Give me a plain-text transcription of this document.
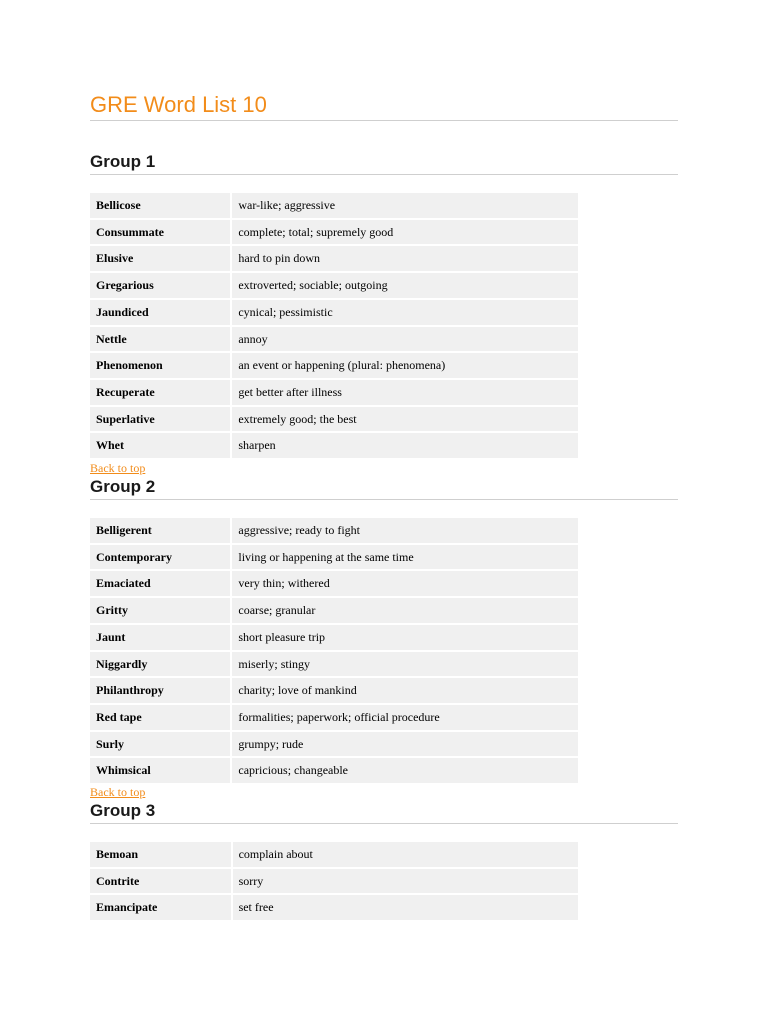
GRE Word List 10
Group 1
Bellicose	war-like; aggressive
Consummate	complete; total; supremely good
Elusive	hard to pin down
Gregarious	extroverted; sociable; outgoing
Jaundiced	cynical; pessimistic
Nettle	annoy
Phenomenon	an event or happening (plural: phenomena)
Recuperate	get better after illness
Superlative	extremely good; the best
Whet	sharpen
Back to top
Group 2
Belligerent	aggressive; ready to fight
Contemporary	living or happening at the same time
Emaciated	very thin; withered
Gritty	coarse; granular
Jaunt	short pleasure trip
Niggardly	miserly; stingy
Philanthropy	charity; love of mankind
Red tape	formalities; paperwork; official procedure
Surly	grumpy; rude
Whimsical	capricious; changeable
Back to top
Group 3
Bemoan	complain about
Contrite	sorry
Emancipate	set free
